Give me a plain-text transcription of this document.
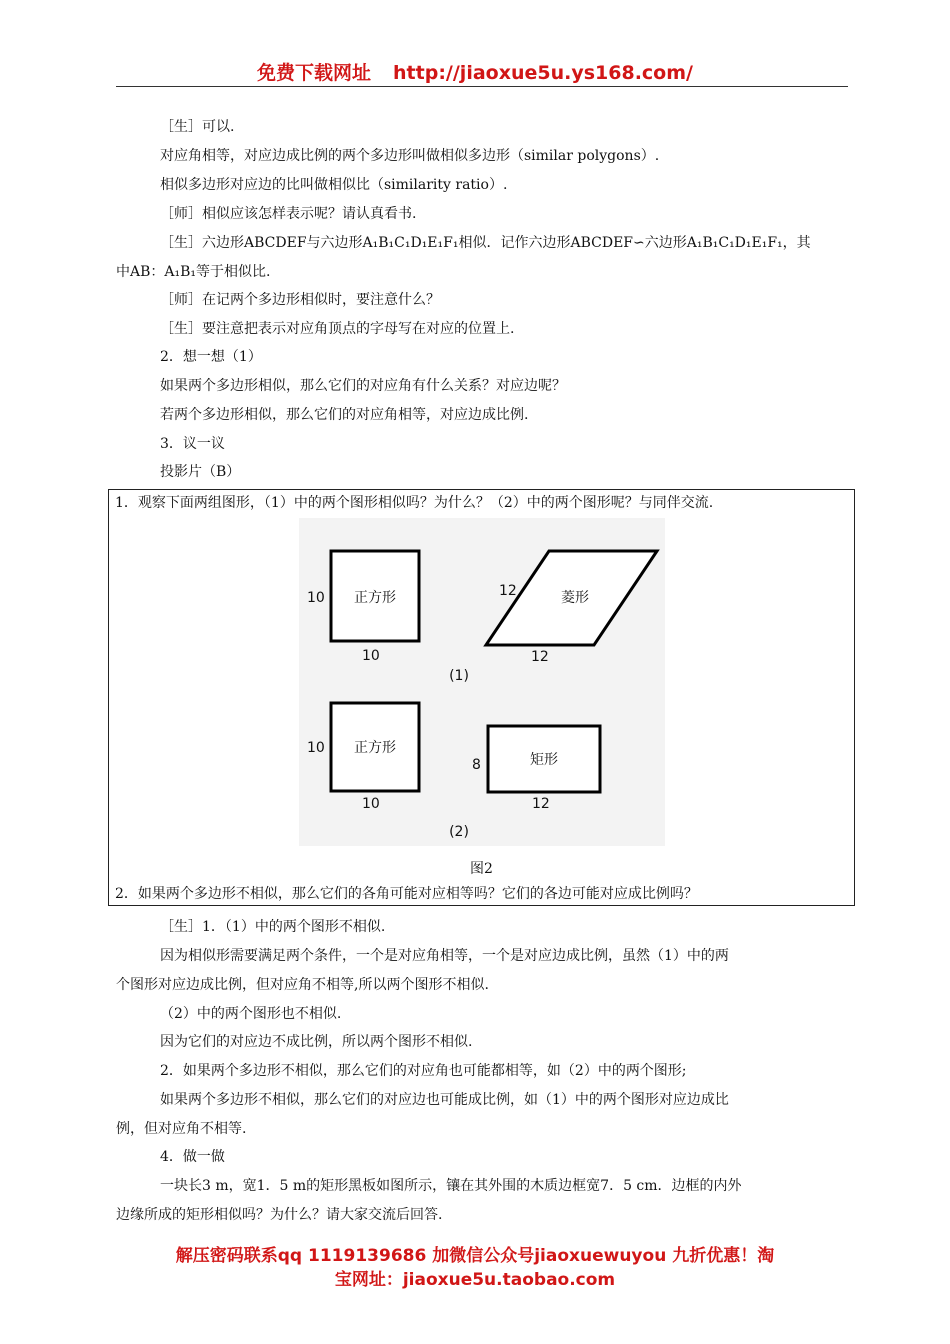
免费下载网址 http://jiaoxue5u.ys168.com/
［生］可以.
对应角相等，对应边成比例的两个多边形叫做相似多边形（similar polygons）.
相似多边形对应边的比叫做相似比（similarity ratio）.
［师］相似应该怎样表示呢？请认真看书.
［生］六边形ABCDEF与六边形A₁B₁C₁D₁E₁F₁相似．记作六边形ABCDEF∽六边形A₁B₁C₁D₁E₁F₁，其
中AB：A₁B₁等于相似比.
［师］在记两个多边形相似时，要注意什么？
［生］要注意把表示对应角顶点的字母写在对应的位置上.
2．想一想（1）
如果两个多边形相似，那么它们的对应角有什么关系？对应边呢？
若两个多边形相似，那么它们的对应角相等，对应边成比例.
3．议一议
投影片（B）
1．观察下面两组图形，（1）中的两个图形相似吗？为什么？（2）中的两个图形呢？与同伴交流.
正方形
10
10
菱形
12
12
(1)
正方形
10
10
矩形
8
12
(2)
图2
2．如果两个多边形不相似，那么它们的各角可能对应相等吗？它们的各边可能对应成比例吗？
［生］1．（1）中的两个图形不相似.
因为相似形需要满足两个条件，一个是对应角相等，一个是对应边成比例，虽然（1）中的两
个图形对应边成比例，但对应角不相等,所以两个图形不相似.
（2）中的两个图形也不相似.
因为它们的对应边不成比例，所以两个图形不相似.
2．如果两个多边形不相似，那么它们的对应角也可能都相等，如（2）中的两个图形;
如果两个多边形不相似，那么它们的对应边也可能成比例，如（1）中的两个图形对应边成比
例，但对应角不相等.
4．做一做
一块长3 m，宽1．5 m的矩形黑板如图所示，镶在其外围的木质边框宽7．5 cm．边框的内外
边缘所成的矩形相似吗？为什么？请大家交流后回答.
解压密码联系qq 1119139686 加微信公众号jiaoxuewuyou 九折优惠！淘
宝网址：jiaoxue5u.taobao.com
